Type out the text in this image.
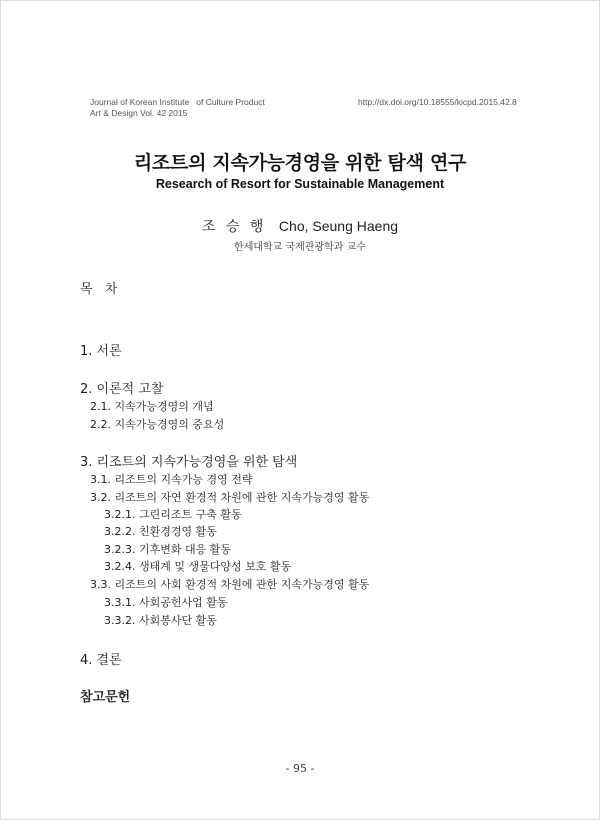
Journal of Korean Institute   of Culture Product
Art & Design Vol. 42 2015
http://dx.doi.org/10.18555/kicpd.2015.42.8
리조트의 지속가능경영을 위한 탐색 연구
Research of Resort for Sustainable Management
조 승 행 Cho, Seung Haeng
한세대학교 국제관광학과 교수
목 차
1. 서론
2. 이론적 고찰
2.1. 지속가능경영의 개념
2.2. 지속가능경영의 중요성
3. 리조트의 지속가능경영을 위한 탐색
3.1. 리조트의 지속가능 경영 전략
3.2. 리조트의 자연 환경적 차원에 관한 지속가능경영 활동
3.2.1. 그린리조트 구축 활동
3.2.2. 친환경경영 활동
3.2.3. 기후변화 대응 활동
3.2.4. 생태계 및 생물다양성 보호 활동
3.3. 리조트의 사회 환경적 차원에 관한 지속가능경영 활동
3.3.1. 사회공헌사업 활동
3.3.2. 사회봉사단 활동
4. 결론
참고문헌
- 95 -
